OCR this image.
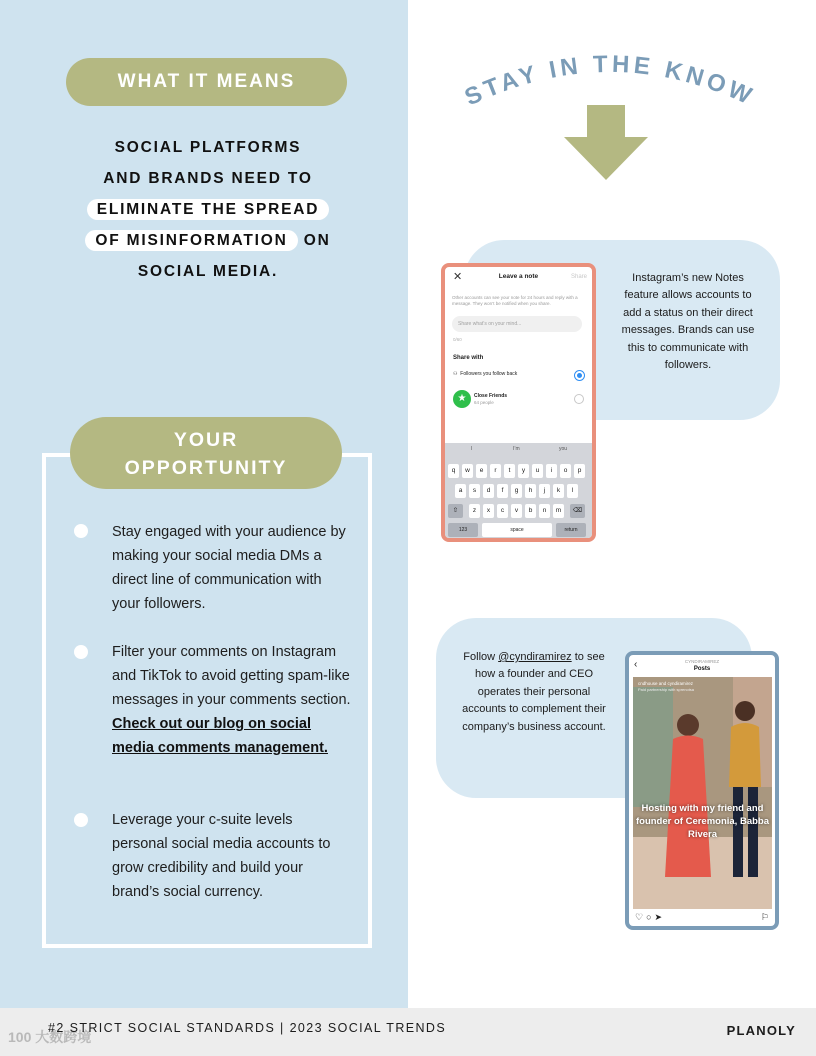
WHAT IT MEANS
SOCIAL PLATFORMS
AND BRANDS NEED TO
ELIMINATE THE SPREAD
OF MISINFORMATION ON
SOCIAL MEDIA.
YOUR
OPPORTUNITY
Stay engaged with your audience by making your social media DMs a direct line of communication with your followers.
Filter your comments on Instagram and TikTok to avoid getting spam-like messages in your comments section. Check out our blog on social media comments management.
Leverage your c-suite levels personal social media accounts to grow credibility and build your brand’s social currency.
STAY IN THE KNOW
Instagram’s new Notes feature allows accounts to add a status on their direct messages. Brands can use this to communicate with followers.
Follow @cyndiramirez to see how a founder and CEO operates their personal accounts to complement their company’s business account.
✕	Leave a note	Share
Other accounts can see your note for 24 hours and reply with a message. They won’t be notified when you share.
Share what’s on your mind...
0/60
Share with
⚇ Followers you follow back
★	Close Friends
64 people
I	I’m	you
q	w	e	r	t	y	u	i	o	p
a	s	d	f	g	h	j	k	l
⇧	z	x	c	v	b	n	m	⌫
123	space	return
‹	CYNDIRAMIREZ
Posts
cndhouse and cyndiramirez
Paid partnership with sprenotsa
Hosting with my friend and founder of Ceremonia, Babba Rivera
♡○➤	⚐
100 大数跨境
#2 STRICT SOCIAL STANDARDS | 2023 SOCIAL TRENDS	PLANOLY
